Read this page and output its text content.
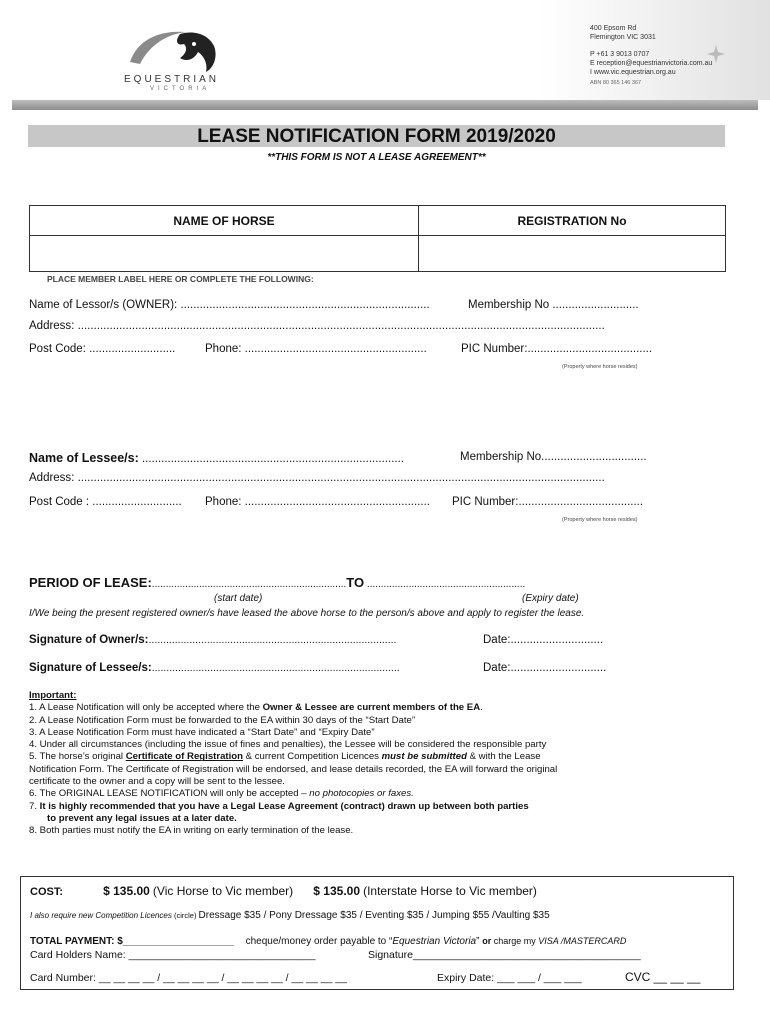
EQUESTRIAN
VICTORIA
400 Epsom Rd
Flemington VIC 3031
P +61 3 9013 0707
E reception@equestrianvictoria.com.au
I www.vic.equestrian.org.au
ABN 80 365 146 367
LEASE NOTIFICATION FORM 2019/2020
**THIS FORM IS NOT A LEASE AGREEMENT**
NAME OF HORSE	REGISTRATION No

PLACE MEMBER LABEL HERE OR COMPLETE THE FOLLOWING:
Name of Lessor/s (OWNER): ..............................................................................	Membership No ...........................
Address: .....................................................................................................................................................................
Post Code: ...........................	Phone: .........................................................	PIC Number:.......................................
(Property where horse resides)
Name of Lessee/s: ..................................................................................	Membership No.................................
Address: .....................................................................................................................................................................
Post Code : ............................ Phone: .......................................................... PIC Number:.......................................
(Property where horse resides)
PERIOD OF LEASE:......................................................................TO .........................................................
(start date)	(Expiry date)
I/We being the present registered owner/s have leased the above horse to the person/s above and apply to register the lease.
Signature of Owner/s:.....................................................................................	Date:.............................
Signature of Lessee/s:.....................................................................................	Date:..............................
Important:
1. A Lease Notification will only be accepted where the Owner & Lessee are current members of the EA.
2. A Lease Notification Form must be forwarded to the EA within 30 days of the “Start Date”
3. A Lease Notification Form must have indicated a “Start Date” and “Expiry Date”
4. Under all circumstances (including the issue of fines and penalties), the Lessee will be considered the responsible party
5. The horse’s original Certificate of Registration & current Competition Licences must be submitted & with the Lease
Notification Form. The Certificate of Registration will be endorsed, and lease details recorded, the EA will forward the original
certificate to the owner and a copy will be sent to the lessee.
6. The ORIGINAL LEASE NOTIFICATION will only be accepted – no photocopies or faxes.
7. It is highly recommended that you have a Legal Lease Agreement (contract) drawn up between both parties
to prevent any legal issues at a later date.
8. Both parties must notify the EA in writing on early termination of the lease.
COST:	$ 135.00 (Vic Horse to Vic member) $ 135.00 (Interstate Horse to Vic member)
I also require new Competition Licences (circle) Dressage $35 / Pony Dressage $35 / Eventing $35 / Jumping $55 /Vaulting $35
TOTAL PAYMENT: $____________________ cheque/money order payable to “Equestrian Victoria” or charge my VISA /MASTERCARD
Card Holders Name: ________________________________	Signature_______________________________________
Card Number: __ __ __ __ / __ __ __ __ / __ __ __ __ / __ __ __ __	Expiry Date: ___ ___ / ___ ___	CVC __ __ __
